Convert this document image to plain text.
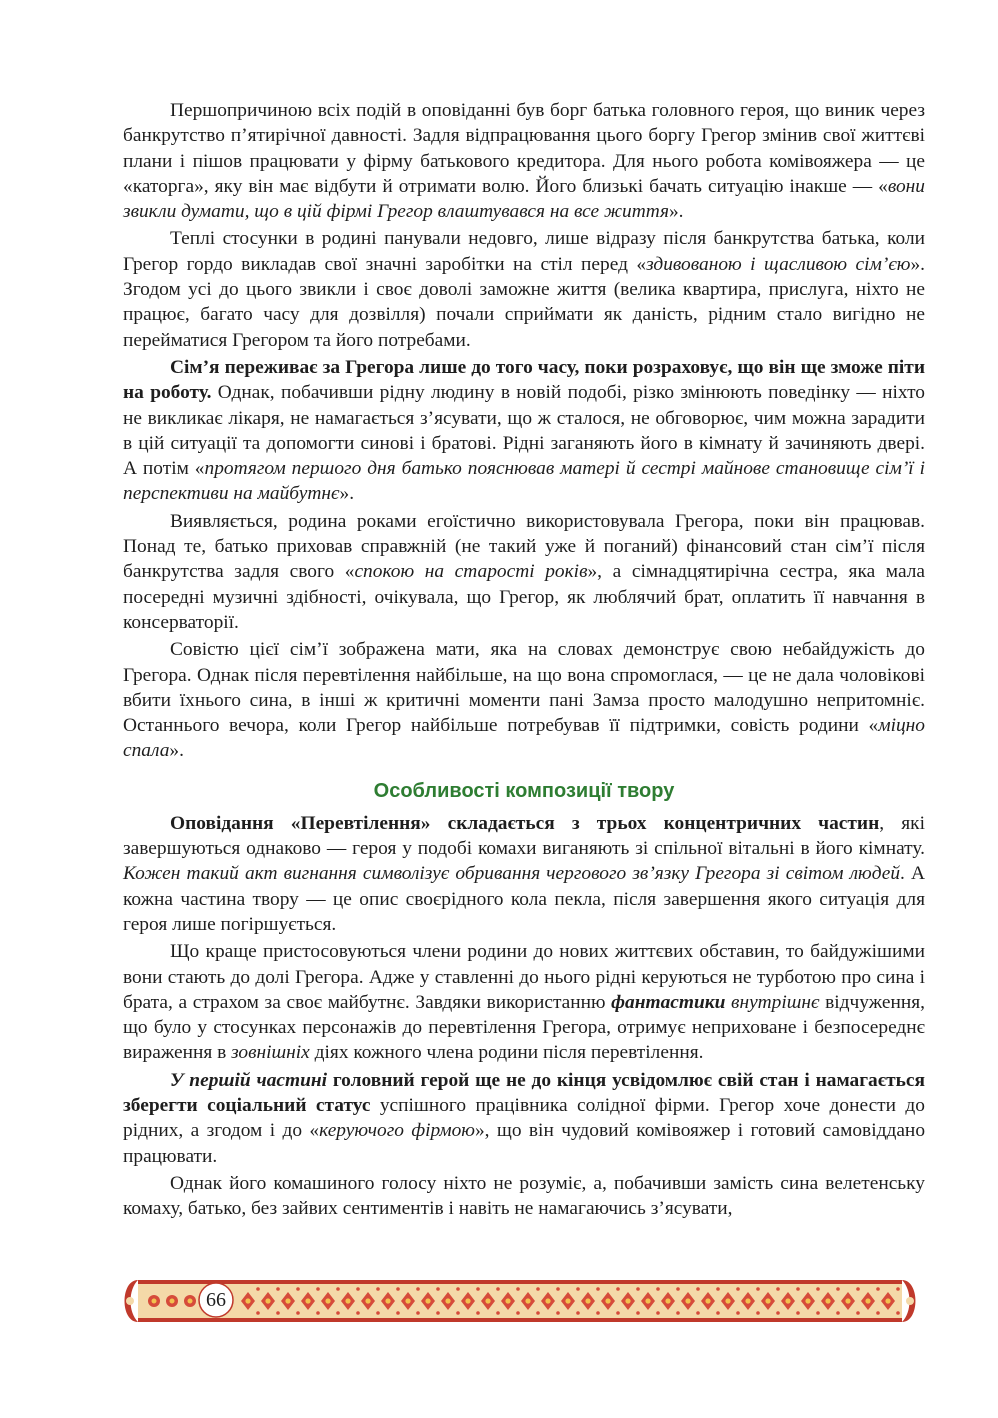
Першопричиною всіх подій в оповіданні був борг батька головного героя, що виник через банкрутство п’ятирічної давності. Задля відпрацювання цього боргу Грегор змінив свої життєві плани і пішов працювати у фірму батькового кредитора. Для нього робота комівояжера — це «каторга», яку він має відбути й отримати волю. Його близькі бачать ситуацію інакше — «вони звикли думати, що в цій фірмі Грегор влаштувався на все життя».

Теплі стосунки в родині панували недовго, лише відразу після банкрутства батька, коли Грегор гордо викладав свої значні заробітки на стіл перед «здивованою і щасливою сім’єю». Згодом усі до цього звикли і своє доволі заможне життя (велика квартира, прислуга, ніхто не працює, багато часу для дозвілля) почали сприймати як даність, рідним стало вигідно не перейматися Грегором та його потребами.

Сім’я переживає за Грегора лише до того часу, поки розраховує, що він ще зможе піти на роботу. Однак, побачивши рідну людину в новій подобі, різко змінюють поведінку — ніхто не викликає лікаря, не намагається з’ясувати, що ж сталося, не обговорює, чим можна зарадити в цій ситуації та допомогти синові і братові. Рідні заганяють його в кімнату й зачиняють двері. А потім «протягом першого дня батько пояснював матері й сестрі майнове становище сім’ї і перспективи на майбутнє».

Виявляється, родина роками егоїстично використовувала Грегора, поки він працював. Понад те, батько приховав справжній (не такий уже й поганий) фінансовий стан сім’ї після банкрутства задля свого «спокою на старості років», а сімнадцятирічна сестра, яка мала посередні музичні здібності, очікувала, що Грегор, як люблячий брат, оплатить її навчання в консерваторії.

Совістю цієї сім’ї зображена мати, яка на словах демонструє свою небайдужість до Грегора. Однак після перевтілення найбільше, на що вона спромоглася, — це не дала чоловікові вбити їхнього сина, в інші ж критичні моменти пані Замза просто малодушно непритомніє. Останнього вечора, коли Грегор найбільше потребував її підтримки, совість родини «міцно спала».

Особливості композиції твору

Оповідання «Перевтілення» складається з трьох концентричних частин, які завершуються однаково — героя у подобі комахи виганяють зі спільної вітальні в його кімнату. Кожен такий акт вигнання символізує обривання чергового зв’язку Грегора зі світом людей. А кожна частина твору — це опис своєрідного кола пекла, після завершення якого ситуація для героя лише погіршується.

Що краще пристосовуються члени родини до нових життєвих обставин, то байдужішими вони стають до долі Грегора. Адже у ставленні до нього рідні керуються не турботою про сина і брата, а страхом за своє майбутнє. Завдяки використанню фантастики внутрішнє відчуження, що було у стосунках персонажів до перевтілення Грегора, отримує неприховане і безпосереднє вираження в зовнішніх діях кожного члена родини після перевтілення.

У першій частині головний герой ще не до кінця усвідомлює свій стан і намагається зберегти соціальний статус успішного працівника солідної фірми. Грегор хоче донести до рідних, а згодом і до «керуючого фірмою», що він чудовий комівояжер і готовий самовіддано працювати.

Однак його комашиного голосу ніхто не розуміє, а, побачивши замість сина велетенську комаху, батько, без зайвих сентиментів і навіть не намагаючись з’ясувати,

66
